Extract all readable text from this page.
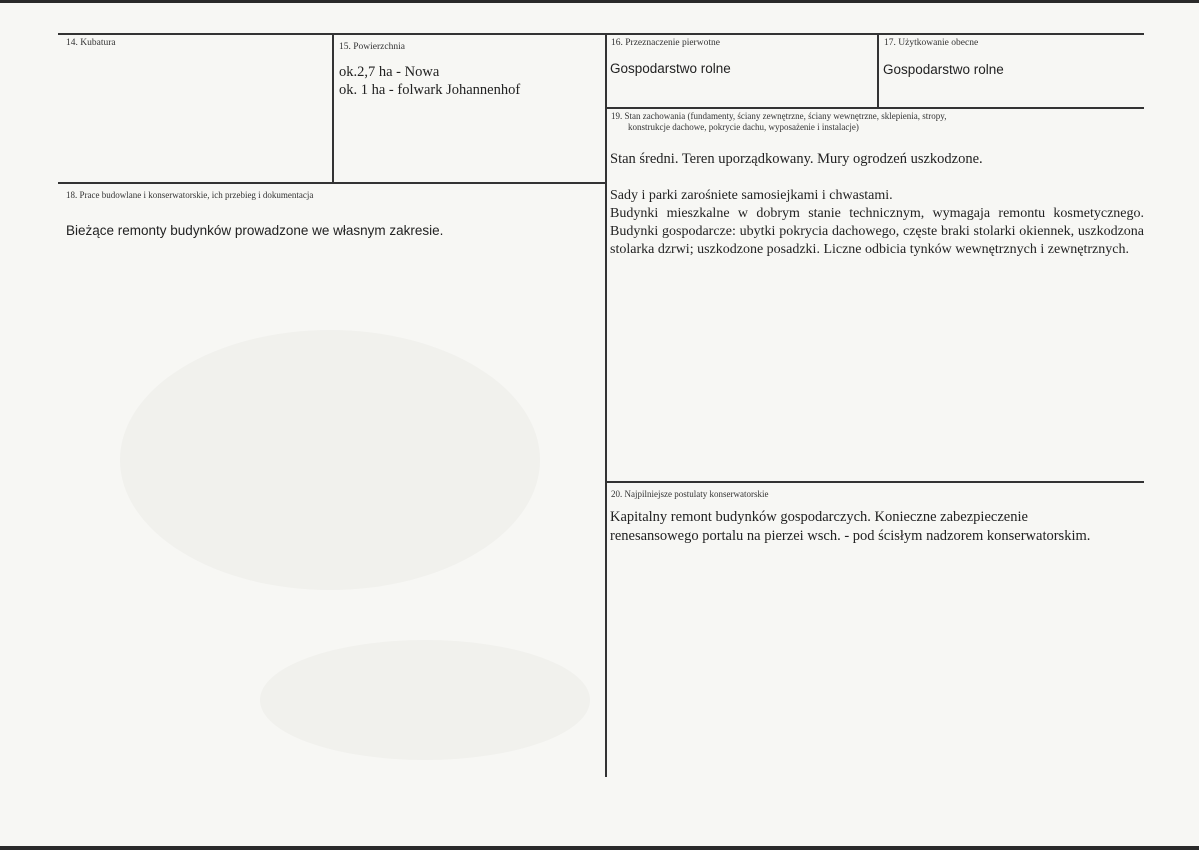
14. Kubatura	15. Powierzchnia
ok.2,7 ha - Nowa
ok. 1 ha - folwark Johannenhof
16. Przeznaczenie pierwotne
Gospodarstwo rolne
17. Użytkowanie obecne
Gospodarstwo rolne
18. Prace budowlane i konserwatorskie, ich przebieg i dokumentacja
Bieżące remonty budynków prowadzone we własnym zakresie.
19. Stan zachowania (fundamenty, ściany zewnętrzne, ściany wewnętrzne, sklepienia, stropy,
konstrukcje dachowe, pokrycie dachu, wyposażenie i instalacje)
Stan średni. Teren uporządkowany. Mury ogrodzeń uszkodzone.
Sady i parki zarośniete samosiejkami i chwastami.
Budynki mieszkalne w dobrym stanie technicznym, wymagaja remontu kosmetycznego. Budynki gospodarcze: ubytki pokrycia dachowego, częste braki stolarki okiennek, uszkodzona stolarka dzrwi; uszkodzone posadzki. Liczne odbicia tynków wewnętrznych i zewnętrznych.
20. Najpilniejsze postulaty konserwatorskie
Kapitalny remont budynków gospodarczych. Konieczne zabezpieczenie
renesansowego portalu na pierzei wsch. - pod ścisłym nadzorem konserwatorskim.
